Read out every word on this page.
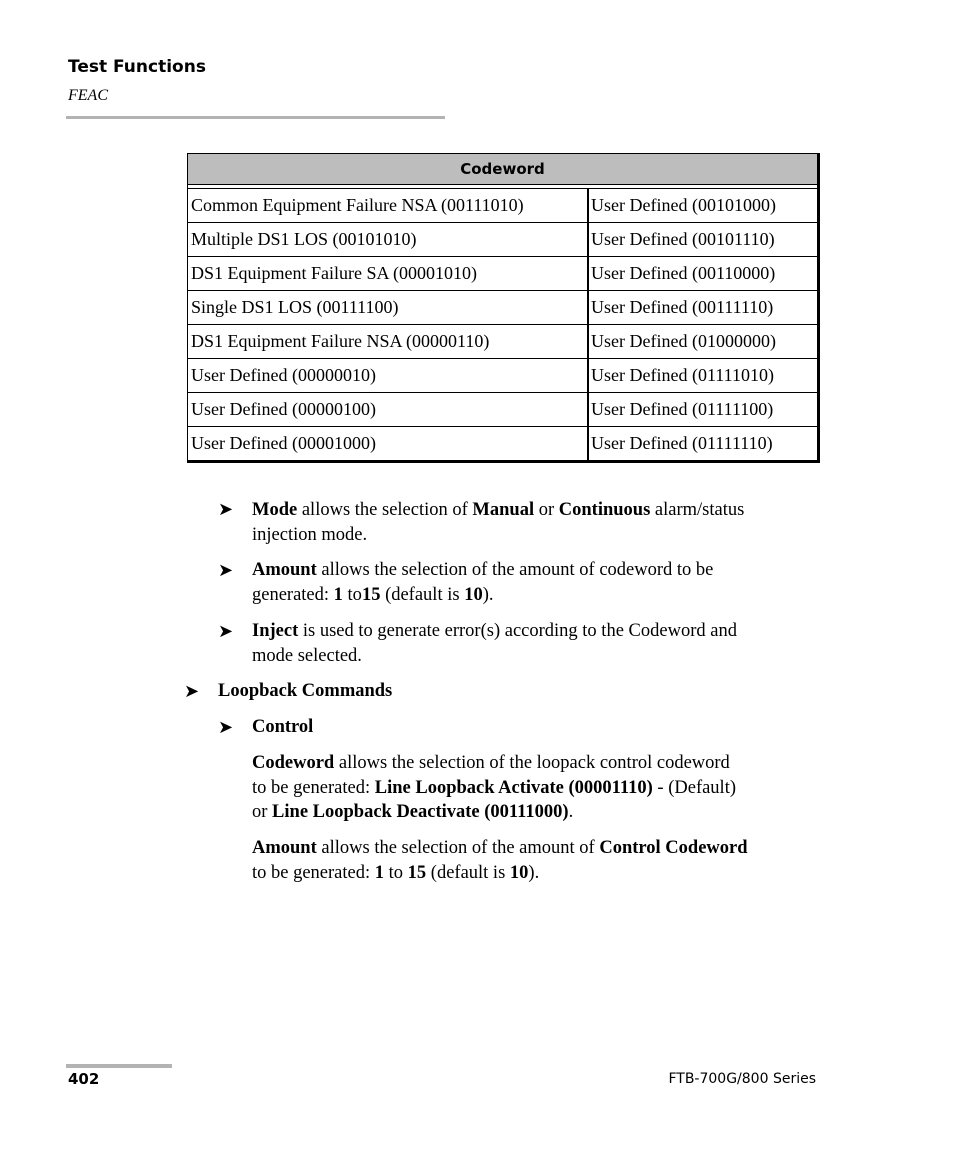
Test Functions
FEAC
Codeword	

Common Equipment Failure NSA (00111010)	User Defined (00101000)
Multiple DS1 LOS (00101010)	User Defined (00101110)
DS1 Equipment Failure SA (00001010)	User Defined (00110000)
Single DS1 LOS (00111100)	User Defined (00111110)
DS1 Equipment Failure NSA (00000110)	User Defined (01000000)
User Defined (00000010)	User Defined (01111010)
User Defined (00000100)	User Defined (01111100)
User Defined (00001000)	User Defined (01111110)
➤ Mode allows the selection of Manual or Continuous alarm/status
injection mode.
➤ Amount allows the selection of the amount of codeword to be
generated: 1 to15 (default is 10).
➤ Inject is used to generate error(s) according to the Codeword and
mode selected.
➤ Loopback Commands
➤ Control
Codeword allows the selection of the loopack control codeword
to be generated: Line Loopback Activate (00001110) - (Default)
or Line Loopback Deactivate (00111000).
Amount allows the selection of the amount of Control Codeword
to be generated: 1 to 15 (default is 10).
402	FTB-700G/800 Series
